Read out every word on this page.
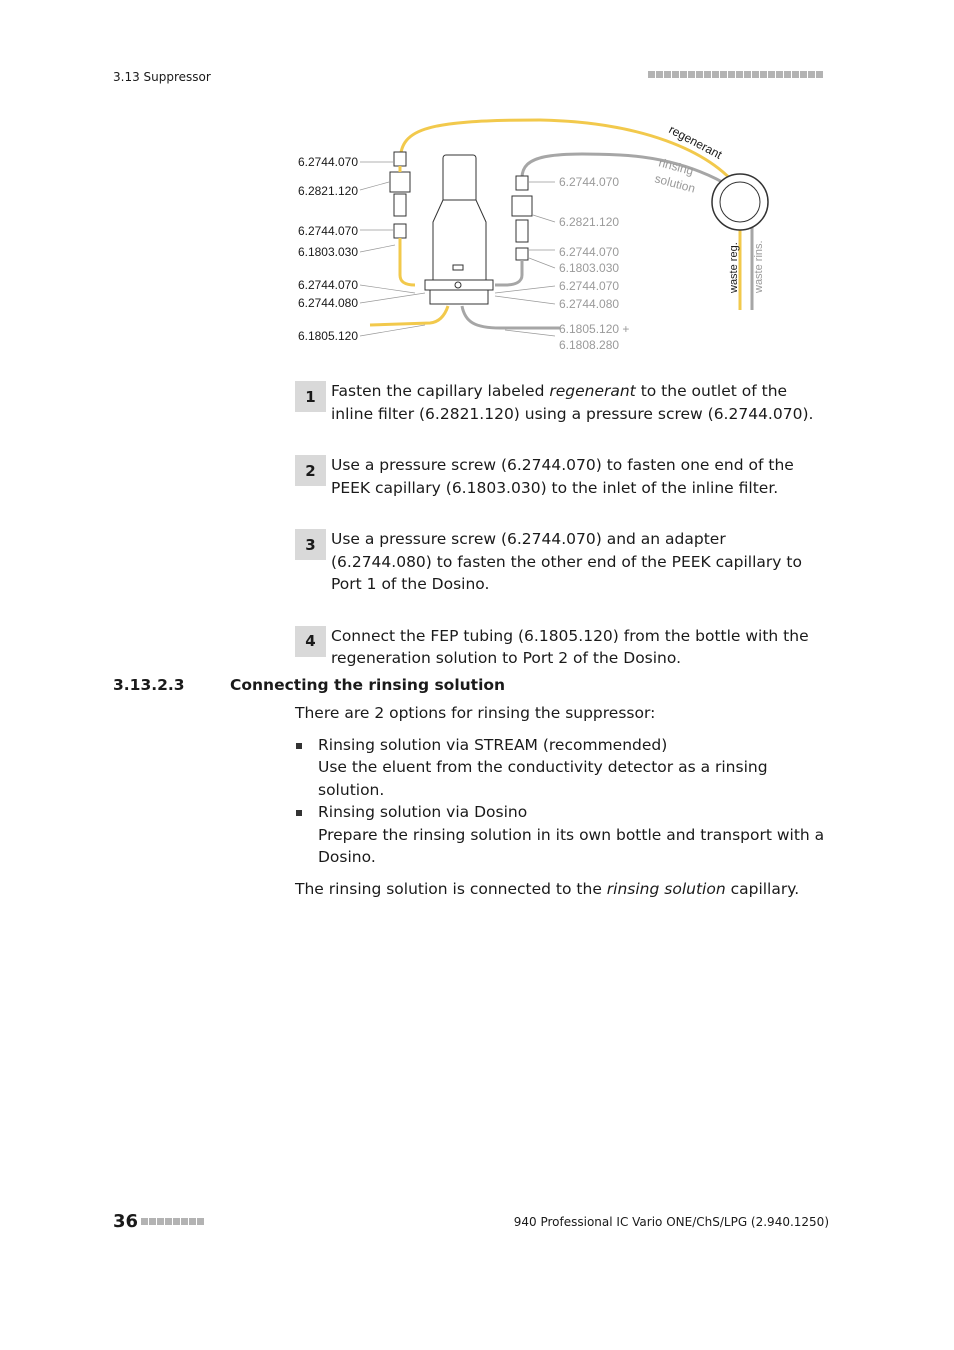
3.13 Suppressor
6.2744.070
6.2821.120
6.2744.070
6.1803.030
6.2744.070
6.2744.080
6.1805.120
6.2744.070
6.2821.120
6.2744.070
6.1803.030
6.2744.070
6.2744.080
6.1805.120 +
6.1808.280
regenerant
rinsing
solution
waste reg. waste rins.
1 Fasten the capillary labeled regenerant to the outlet of the inline filter (6.2821.120) using a pressure screw (6.2744.070).
2 Use a pressure screw (6.2744.070) to fasten one end of the PEEK capillary (6.1803.030) to the inlet of the inline filter.
3 Use a pressure screw (6.2744.070) and an adapter (6.2744.080) to fasten the other end of the PEEK capillary to Port 1 of the Dosino.
4 Connect the FEP tubing (6.1805.120) from the bottle with the regeneration solution to Port 2 of the Dosino.
3.13.2.3	Connecting the rinsing solution

There are 2 options for rinsing the suppressor:

Rinsing solution via STREAM (recommended)
Use the eluent from the conductivity detector as a rinsing solution.
Rinsing solution via Dosino
Prepare the rinsing solution in its own bottle and transport with a Dosino.

The rinsing solution is connected to the rinsing solution capillary.

36	940 Professional IC Vario ONE/ChS/LPG (2.940.1250)
